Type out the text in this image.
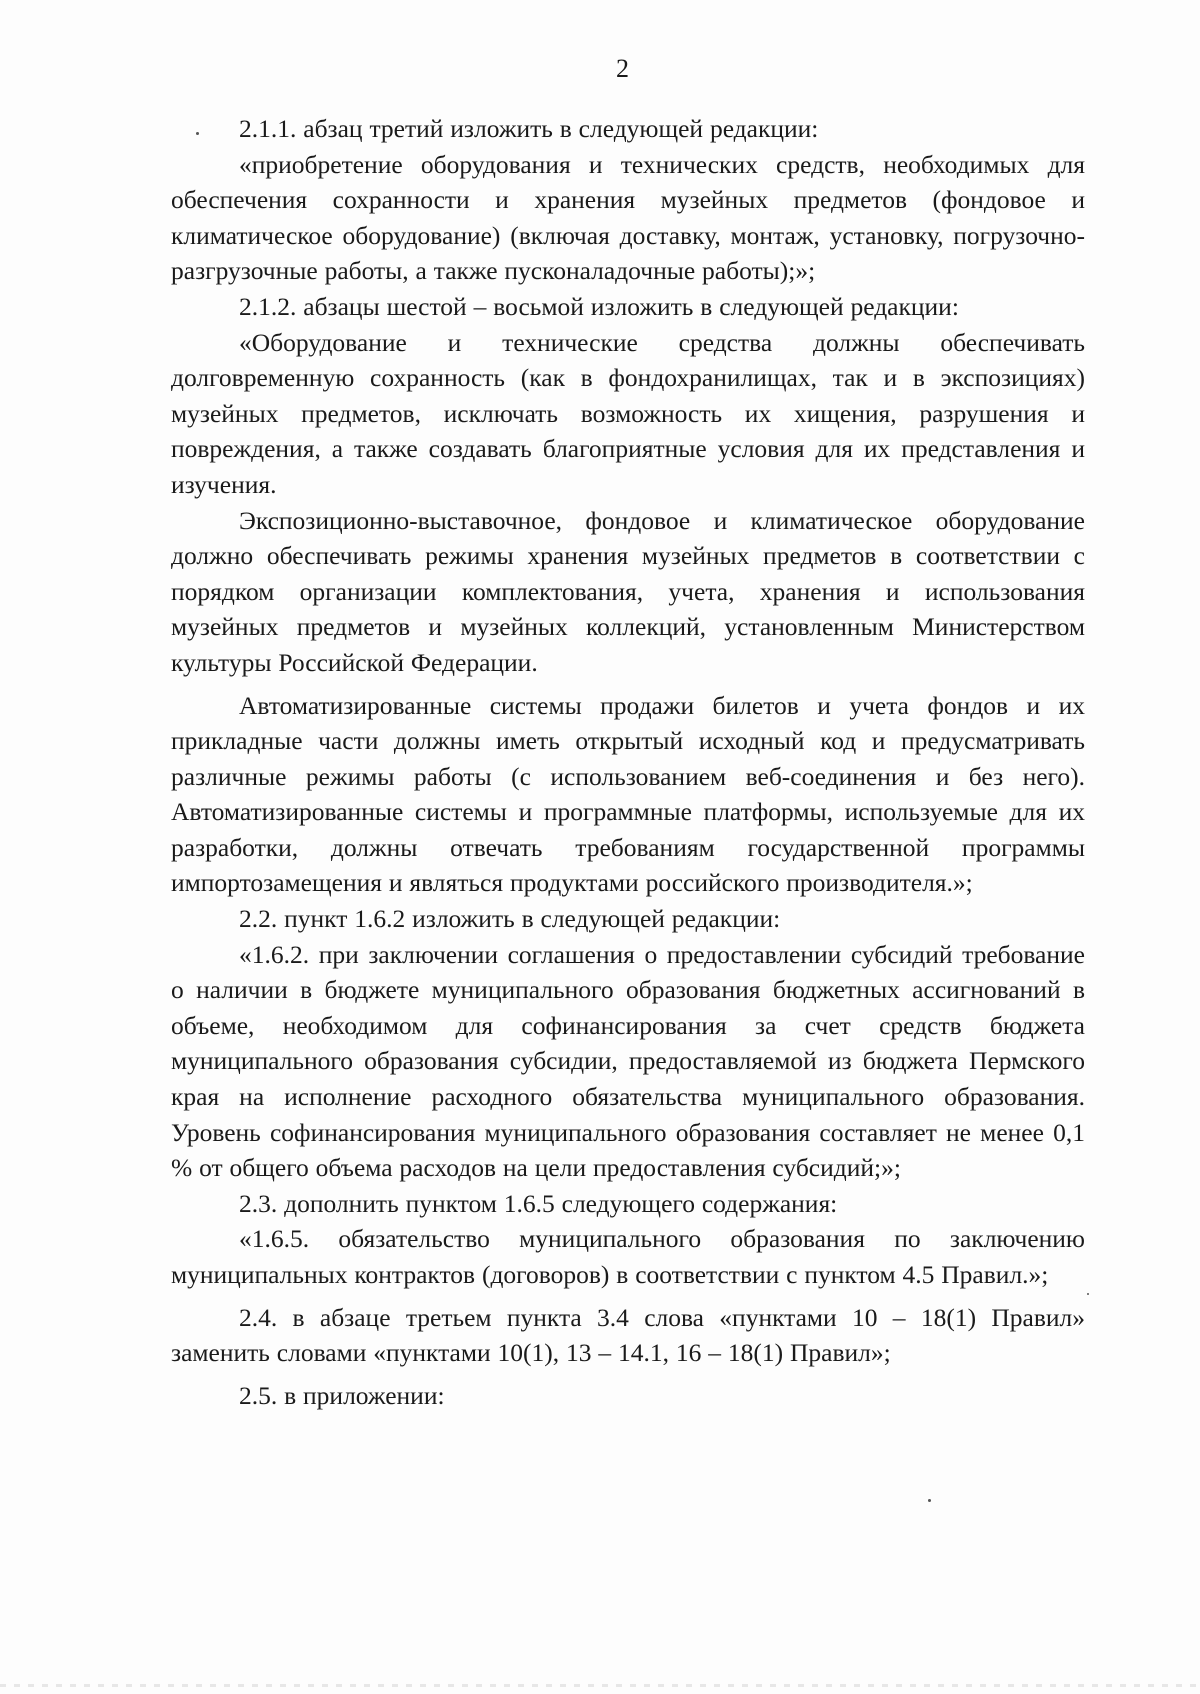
2

2.1.1. абзац третий изложить в следующей редакции:

«приобретение оборудования и технических средств, необходимых для обеспечения сохранности и хранения музейных предметов (фондовое и климатическое оборудование) (включая доставку, монтаж, установку, погрузочно-разгрузочные работы, а также пусконаладочные работы);»;

2.1.2. абзацы шестой – восьмой изложить в следующей редакции:

«Оборудование и технические средства должны обеспечивать долговременную сохранность (как в фондохранилищах, так и в экспозициях) музейных предметов, исключать возможность их хищения, разрушения и повреждения, а также создавать благоприятные условия для их представления и изучения.

Экспозиционно-выставочное, фондовое и климатическое оборудование должно обеспечивать режимы хранения музейных предметов в соответствии с порядком организации комплектования, учета, хранения и использования музейных предметов и музейных коллекций, установленным Министерством культуры Российской Федерации.

Автоматизированные системы продажи билетов и учета фондов и их прикладные части должны иметь открытый исходный код и предусматривать различные режимы работы (с использованием веб-соединения и без него). Автоматизированные системы и программные платформы, используемые для их разработки, должны отвечать требованиям государственной программы импортозамещения и являться продуктами российского производителя.»;

2.2. пункт 1.6.2 изложить в следующей редакции:

«1.6.2. при заключении соглашения о предоставлении субсидий требование о наличии в бюджете муниципального образования бюджетных ассигнований в объеме, необходимом для софинансирования за счет средств бюджета муниципального образования субсидии, предоставляемой из бюджета Пермского края на исполнение расходного обязательства муниципального образования. Уровень софинансирования муниципального образования составляет не менее 0,1 % от общего объема расходов на цели предоставления субсидий;»;

2.3. дополнить пунктом 1.6.5 следующего содержания:

«1.6.5. обязательство муниципального образования по заключению муниципальных контрактов (договоров) в соответствии с пунктом 4.5 Правил.»;

2.4. в абзаце третьем пункта 3.4 слова «пунктами 10 – 18(1) Правил» заменить словами «пунктами 10(1), 13 – 14.1, 16 – 18(1) Правил»;

2.5. в приложении:
